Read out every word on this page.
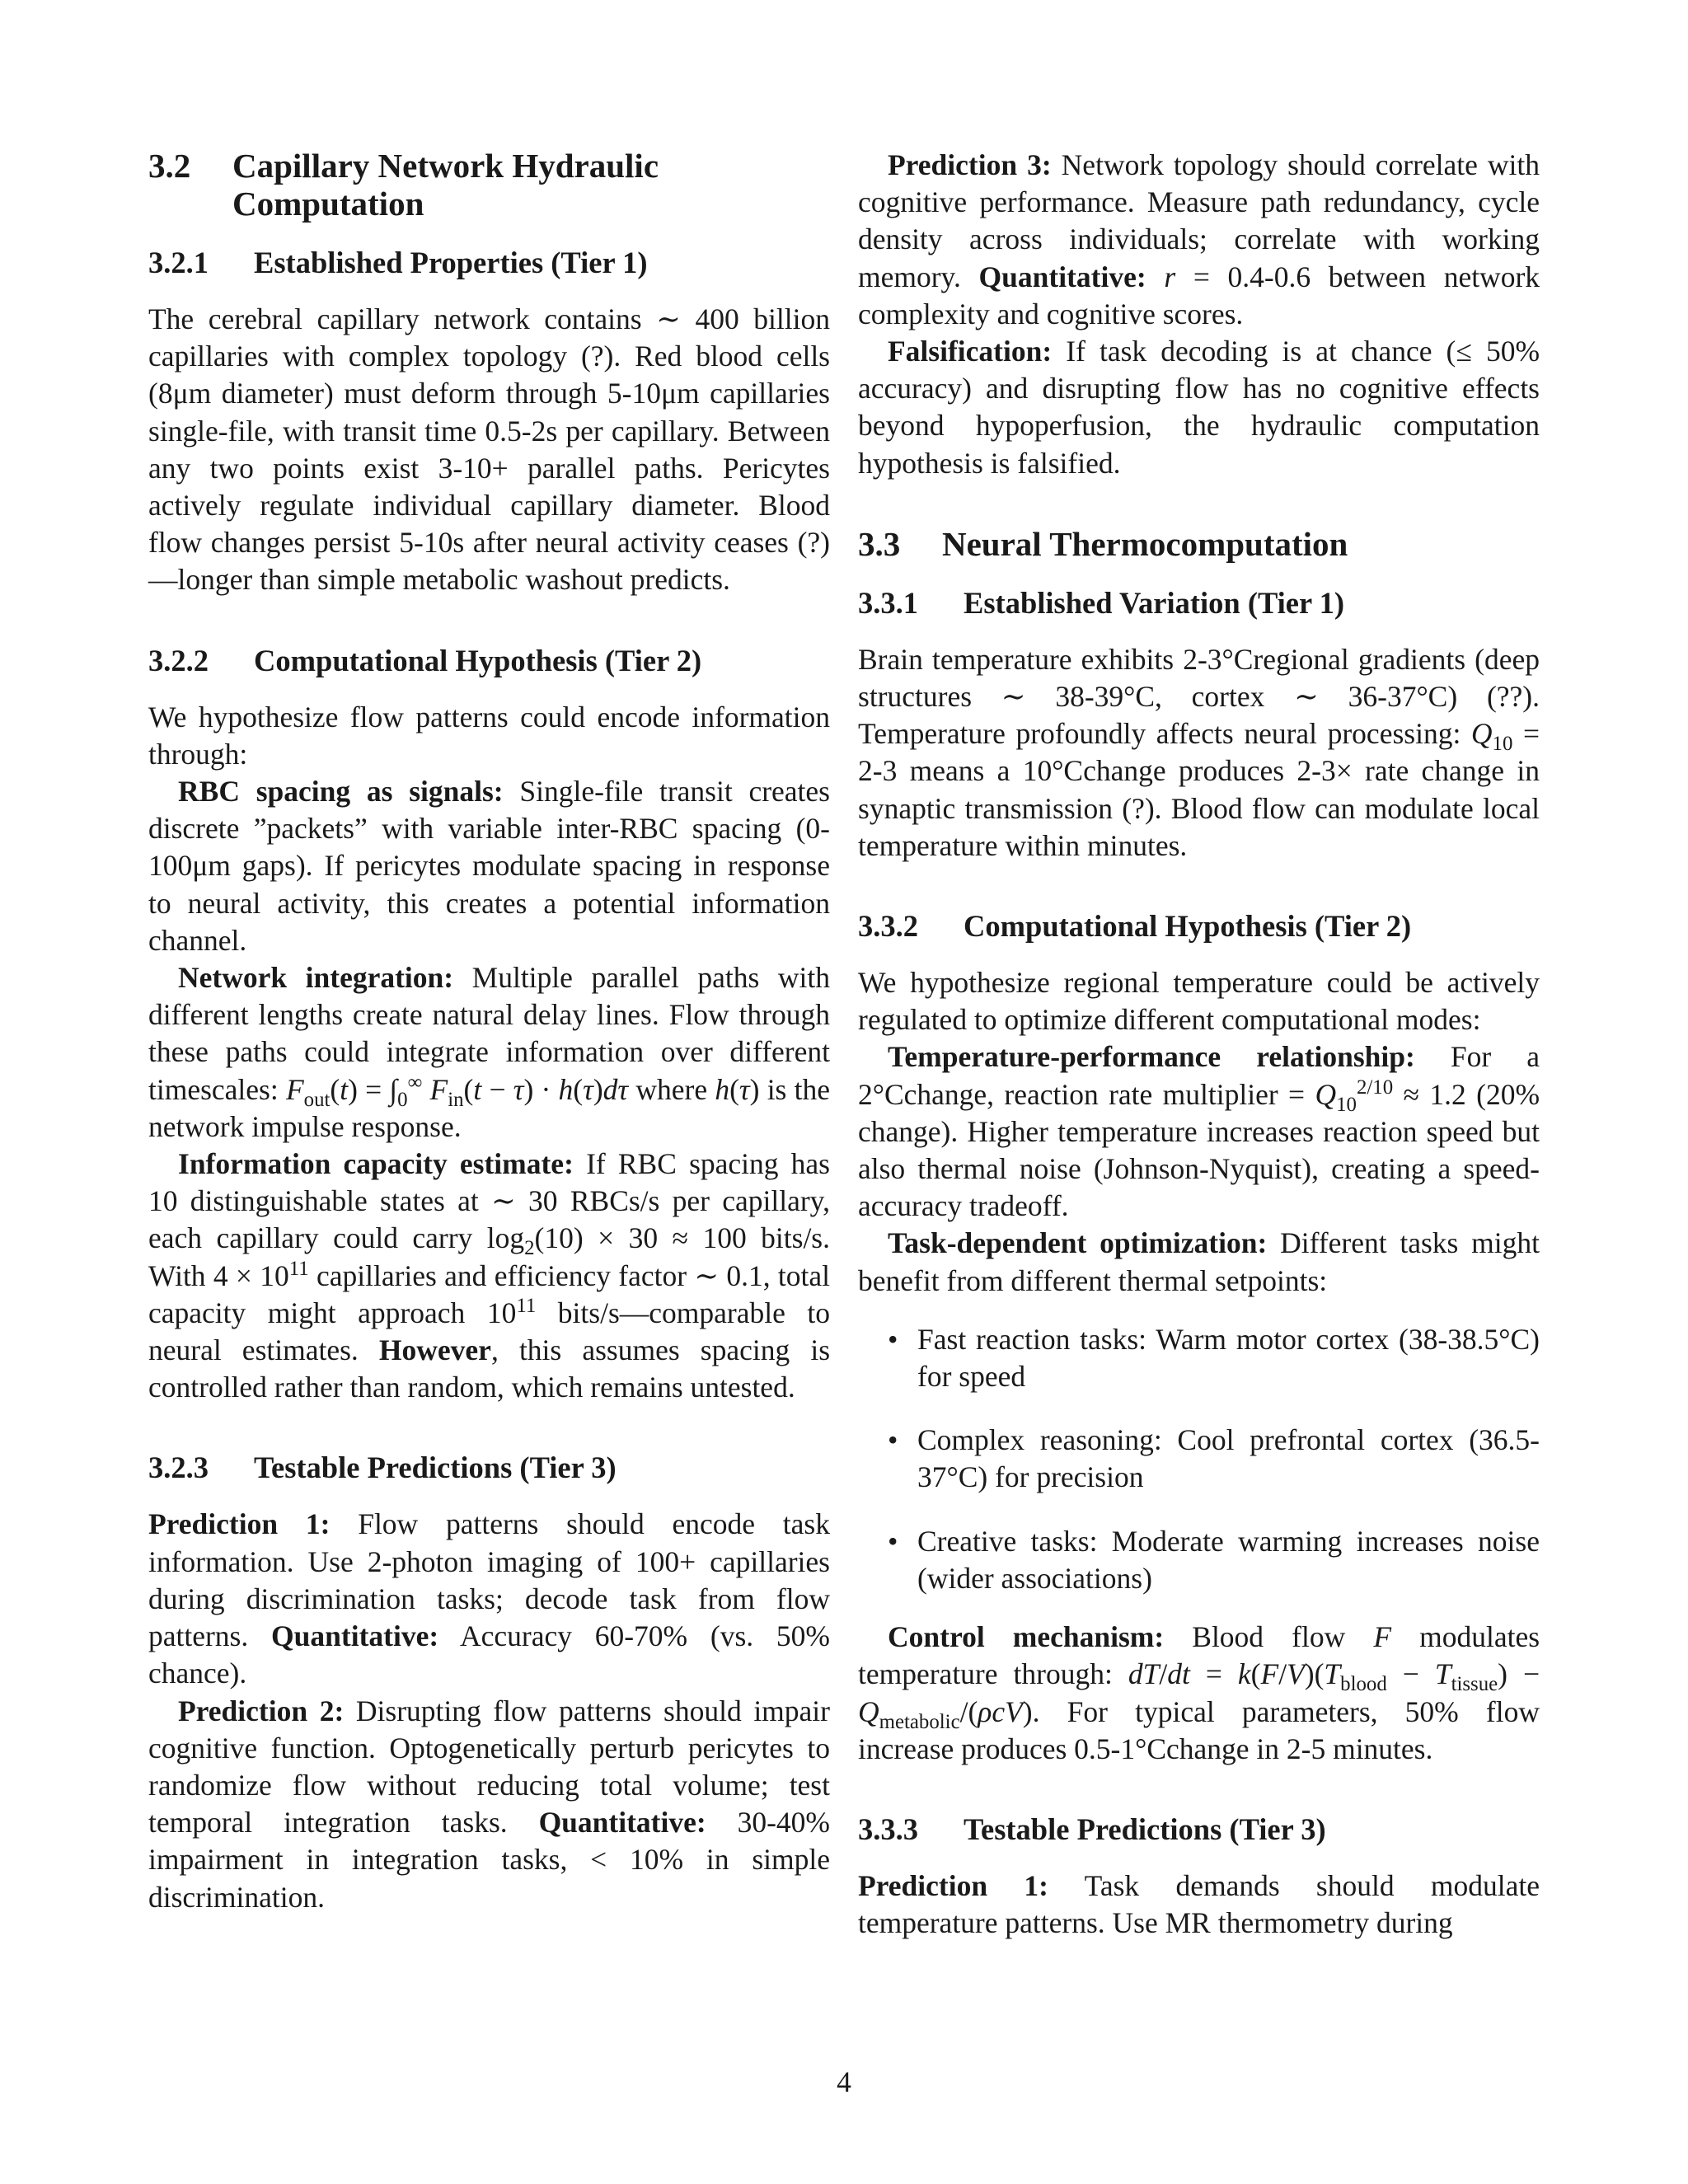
3.2	Capillary Network Hydraulic Computation
3.2.1	Established Properties (Tier 1)

The cerebral capillary network contains ∼ 400 billion capillaries with complex topology (?). Red blood cells (8μm diameter) must deform through 5-10μm capillaries single-file, with transit time 0.5-2s per capillary. Between any two points exist 3-10+ parallel paths. Pericytes actively regulate individual capillary diameter. Blood flow changes persist 5-10s after neural activity ceases (?)—longer than simple metabolic washout predicts.

3.2.2	Computational Hypothesis (Tier 2)

We hypothesize flow patterns could encode information through:

RBC spacing as signals: Single-file transit creates discrete ”packets” with variable inter-RBC spacing (0-100μm gaps). If pericytes modulate spacing in response to neural activity, this creates a potential information channel.

Network integration: Multiple parallel paths with different lengths create natural delay lines. Flow through these paths could integrate information over different timescales: $F_{out}(t) = \int_0^\infty$ $F_{in}(t - \tau) \cdot h(\tau)d\tau$ where h(τ) is the network impulse response.

Information capacity estimate: If RBC spacing has 10 distinguishable states at ∼ 30 RBCs/s per capillary, each capillary could carry $\log_2(10) \times 30 \approx 100$ bits/s. With $4 \times 10^{11}$ capillaries and efficiency factor ∼ 0.1, total capacity might approach $10^{11}$ bits/s—comparable to neural estimates. However, this assumes spacing is controlled rather than random, which remains untested.

3.2.3	Testable Predictions (Tier 3)

Prediction 1: Flow patterns should encode task information. Use 2-photon imaging of 100+ capillaries during discrimination tasks; decode task from flow patterns. Quantitative: Accuracy 60-70% (vs. 50% chance).

Prediction 2: Disrupting flow patterns should impair cognitive function. Optogenetically perturb pericytes to randomize flow without reducing total volume; test temporal integration tasks. Quantitative: 30-40% impairment in integration tasks, < 10% in simple discrimination.

Prediction 3: Network topology should correlate with cognitive performance. Measure path redundancy, cycle density across individuals; correlate with working memory. Quantitative: r = 0.4-0.6 between network complexity and cognitive scores.

Falsification: If task decoding is at chance (≤ 50% accuracy) and disrupting flow has no cognitive effects beyond hypoperfusion, the hydraulic computation hypothesis is falsified.

3.3	Neural Thermocomputation
3.3.1	Established Variation (Tier 1)

Brain temperature exhibits 2-3°Cregional gradients (deep structures ∼ 38-39°C, cortex ∼ 36-37°C) (??). Temperature profoundly affects neural processing: $Q_{10} = 2-3$ means a 10°Cchange produces 2-3× rate change in synaptic transmission (?). Blood flow can modulate local temperature within minutes.

3.3.2	Computational Hypothesis (Tier 2)

We hypothesize regional temperature could be actively regulated to optimize different computational modes:

Temperature-performance relationship: For a 2°Cchange, reaction rate multiplier = $Q_{10}^{2/10} \approx 1.2$ (20% change). Higher temperature increases reaction speed but also thermal noise (Johnson-Nyquist), creating a speed-accuracy tradeoff.

Task-dependent optimization: Different tasks might benefit from different thermal setpoints:

• Fast reaction tasks: Warm motor cortex (38-38.5°C) for speed
• Complex reasoning: Cool prefrontal cortex (36.5-37°C) for precision
• Creative tasks: Moderate warming increases noise (wider associations)

Control mechanism: Blood flow F modulates temperature through: $dT/dt = k(F/V)(T_{blood} - T_{tissue}) - Q_{metabolic}/(\rho cV)$. For typical parameters, 50% flow increase produces 0.5-1°Cchange in 2-5 minutes.

3.3.3	Testable Predictions (Tier 3)

Prediction 1: Task demands should modulate temperature patterns. Use MR thermometry during

4
